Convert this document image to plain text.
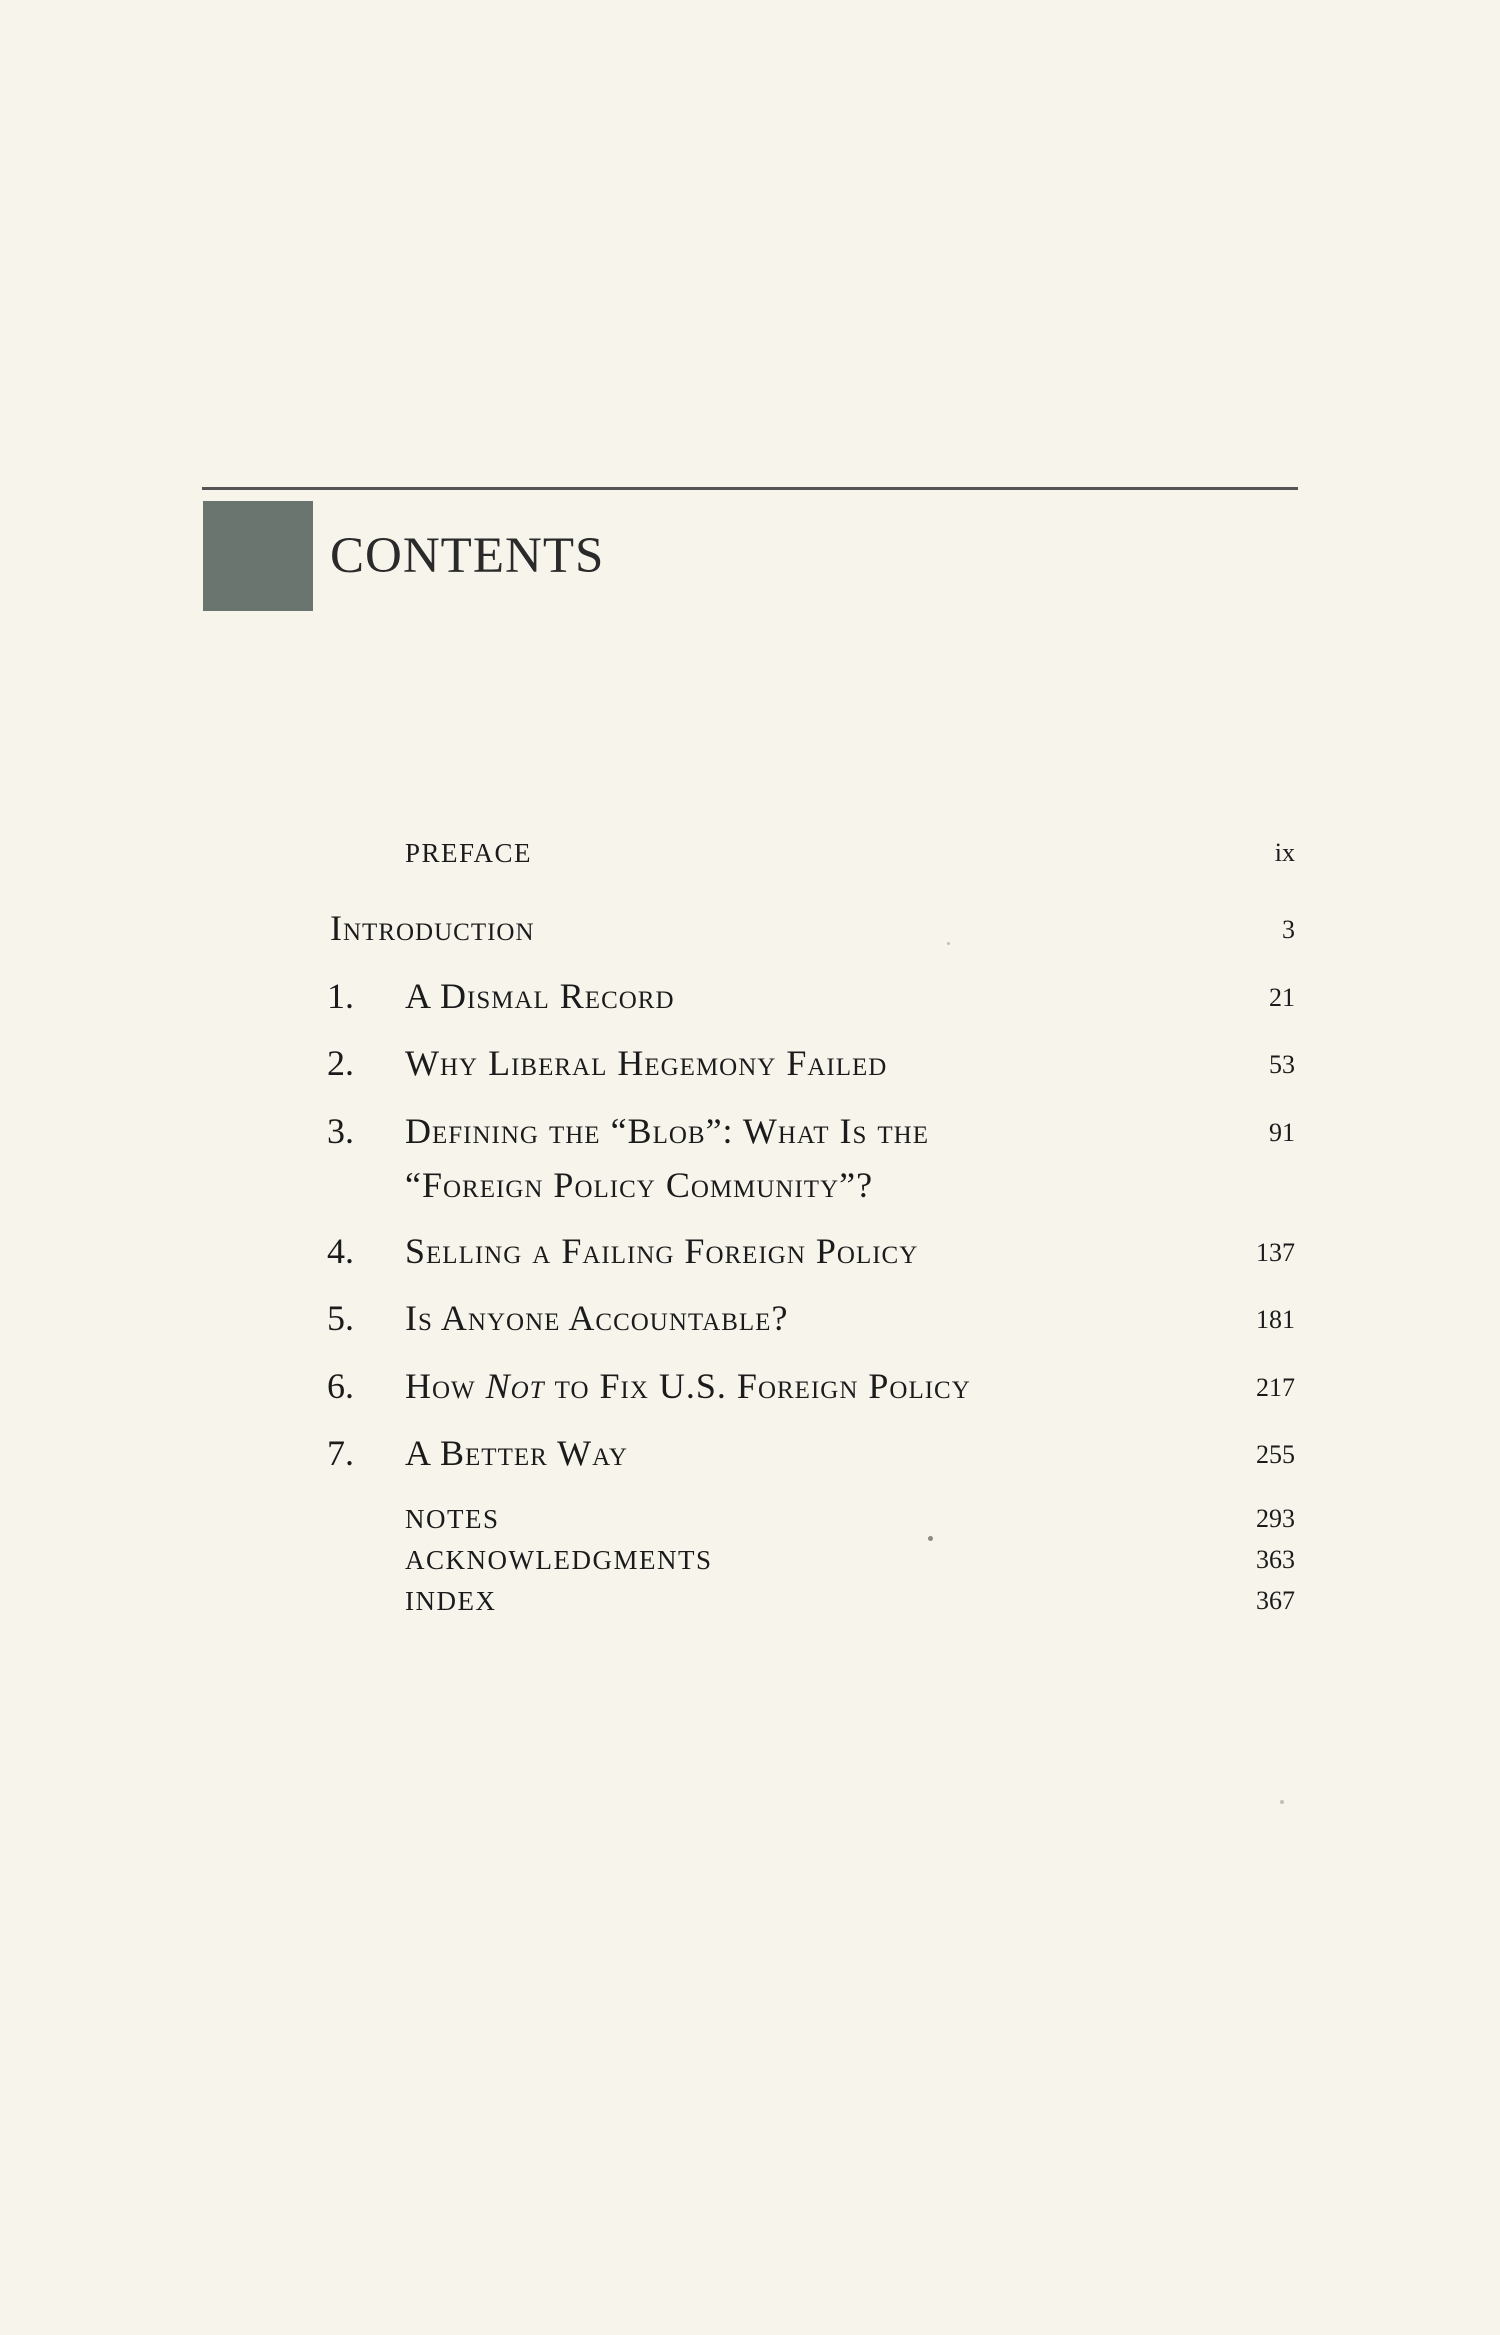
CONTENTS
PREFACE	ix
Introduction	3
1. A Dismal Record	21
2. Why Liberal Hegemony Failed	53
3. Defining the “Blob”: What Is the
“Foreign Policy Community”?
91
4. Selling a Failing Foreign Policy	137
5. Is Anyone Accountable?	181
6. How Not to Fix U.S. Foreign Policy	217
7. A Better Way	255
NOTES	293
ACKNOWLEDGMENTS	363
INDEX	367
